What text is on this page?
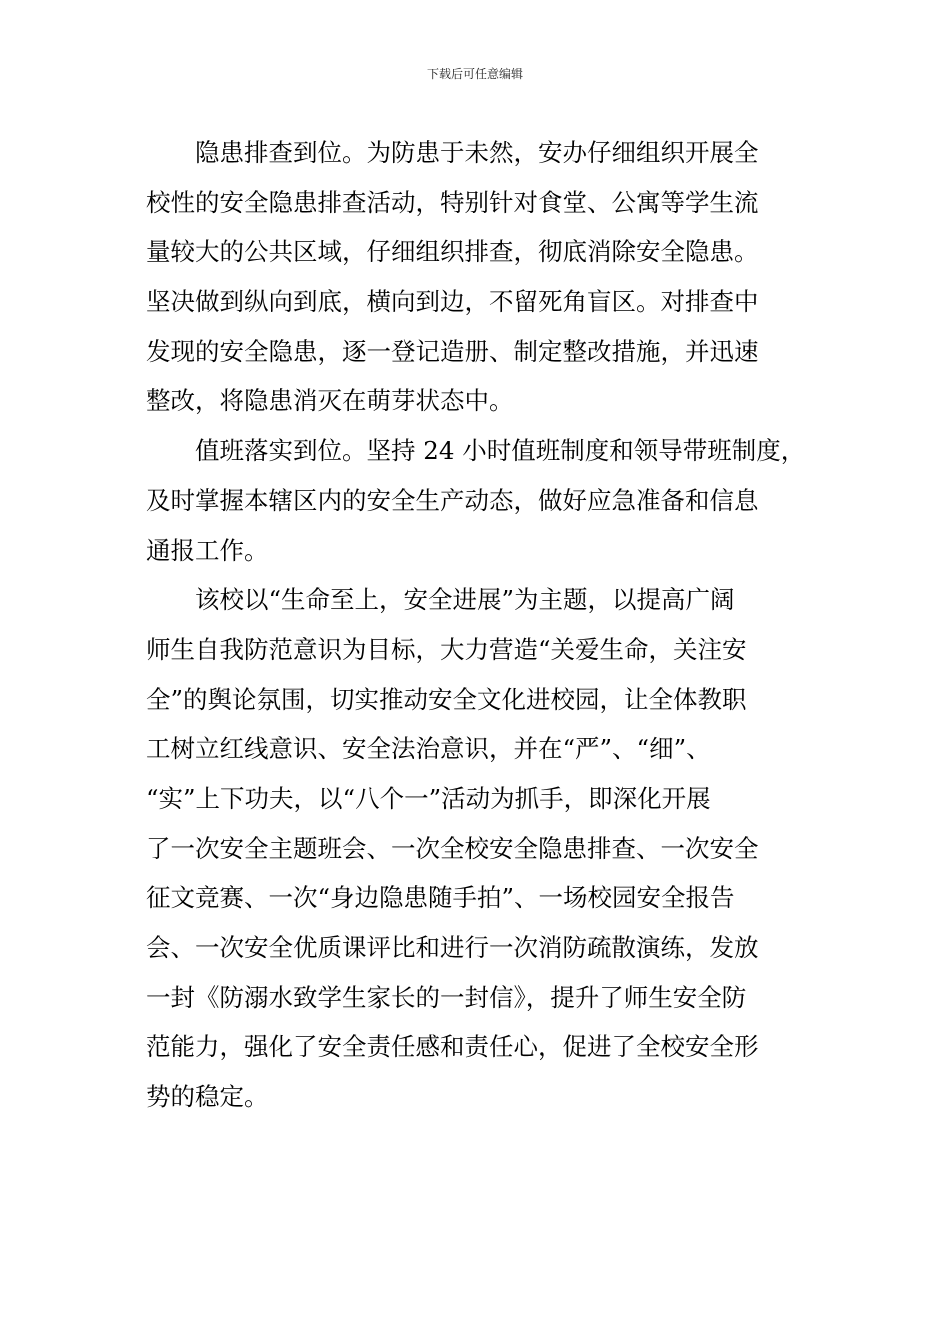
下载后可任意编辑
隐患排查到位。为防患于未然，安办仔细组织开展全
校性的安全隐患排查活动，特别针对食堂、公寓等学生流
量较大的公共区域，仔细组织排查，彻底消除安全隐患。
坚决做到纵向到底，横向到边，不留死角盲区。对排查中
发现的安全隐患，逐一登记造册、制定整改措施，并迅速
整改，将隐患消灭在萌芽状态中。
值班落实到位。坚持 24 小时值班制度和领导带班制度，
及时掌握本辖区内的安全生产动态，做好应急准备和信息
通报工作。
该校以“生命至上，安全进展”为主题，以提高广阔
师生自我防范意识为目标，大力营造“关爱生命，关注安
全”的舆论氛围，切实推动安全文化进校园，让全体教职
工树立红线意识、安全法治意识，并在“严”、“细”、
“实”上下功夫，以“八个一”活动为抓手，即深化开展
了一次安全主题班会、一次全校安全隐患排查、一次安全
征文竞赛、一次“身边隐患随手拍”、一场校园安全报告
会、一次安全优质课评比和进行一次消防疏散演练，发放
一封《防溺水致学生家长的一封信》，提升了师生安全防
范能力，强化了安全责任感和责任心，促进了全校安全形
势的稳定。
